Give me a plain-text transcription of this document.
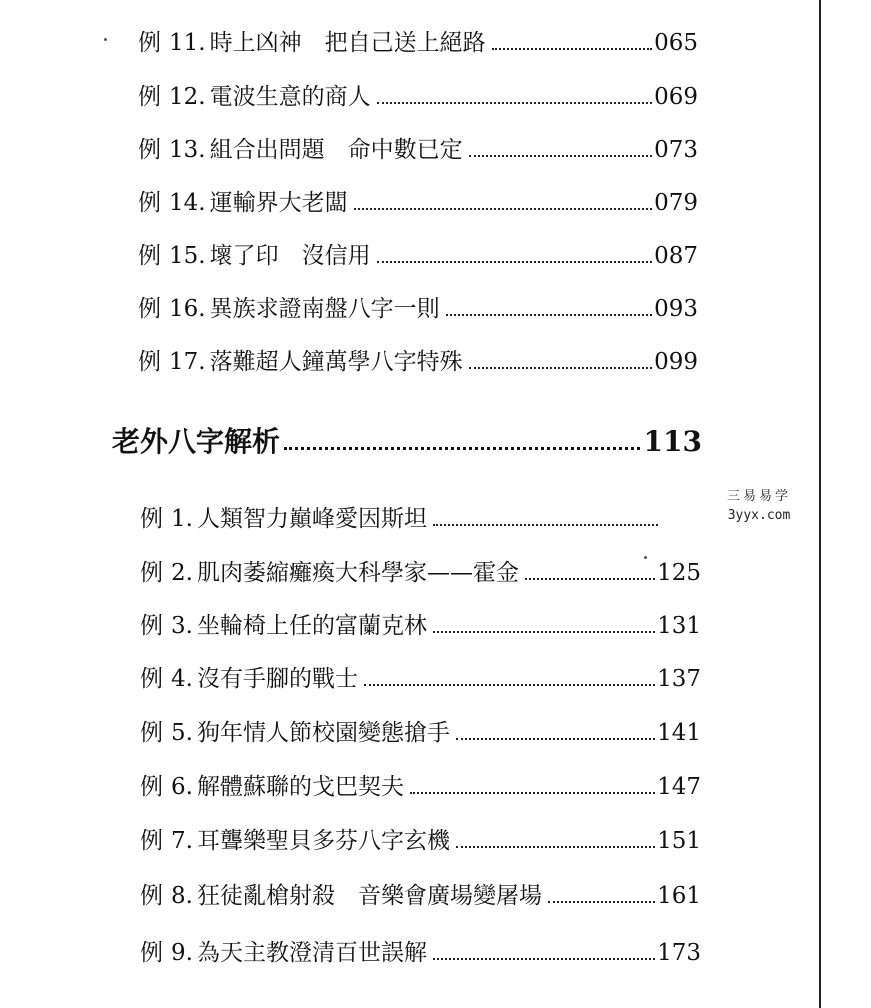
例 11. 時上凶神　把自己送上絕路	065
例 12. 電波生意的商人	069
例 13. 組合出問題　命中數已定	073
例 14. 運輸界大老闆	079
例 15. 壞了印　沒信用	087
例 16. 異族求證南盤八字一則	093
例 17. 落難超人鐘萬學八字特殊	099
老外八字解析	113
例 1. 人類智力巔峰愛因斯坦
例 2. 肌肉萎縮癱瘓大科學家——霍金	125
例 3. 坐輪椅上任的富蘭克林	131
例 4. 沒有手腳的戰士	137
例 5. 狗年情人節校園變態搶手	141
例 6. 解體蘇聯的戈巴契夫	147
例 7. 耳聾樂聖貝多芬八字玄機	151
例 8. 狂徒亂槍射殺　音樂會廣場變屠場	161
例 9. 為天主教澄清百世誤解	173
三易易学
3yyx.com
